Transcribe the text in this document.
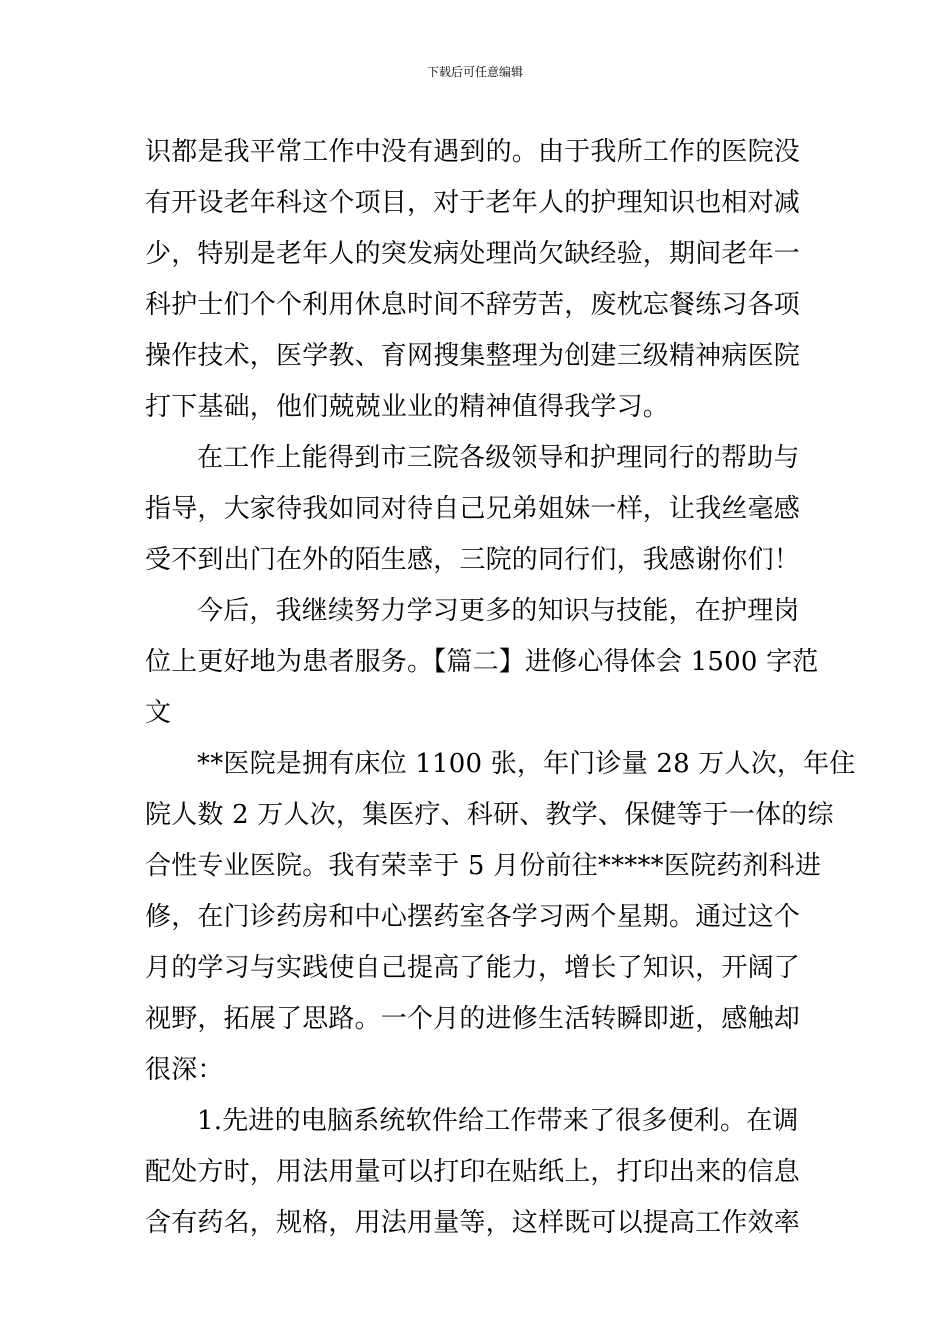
下载后可任意编辑
识都是我平常工作中没有遇到的。由于我所工作的医院没
有开设老年科这个项目，对于老年人的护理知识也相对减
少，特别是老年人的突发病处理尚欠缺经验，期间老年一
科护士们个个利用休息时间不辞劳苦，废枕忘餐练习各项
操作技术，医学教、育网搜集整理为创建三级精神病医院
打下基础，他们兢兢业业的精神值得我学习。
在工作上能得到市三院各级领导和护理同行的帮助与
指导，大家待我如同对待自己兄弟姐妹一样，让我丝毫感
受不到出门在外的陌生感，三院的同行们，我感谢你们！
今后，我继续努力学习更多的知识与技能，在护理岗
位上更好地为患者服务。【篇二】进修心得体会 1500 字范
文
**医院是拥有床位 1100 张，年门诊量 28 万人次，年住
院人数 2 万人次，集医疗、科研、教学、保健等于一体的综
合性专业医院。我有荣幸于 5 月份前往*****医院药剂科进
修，在门诊药房和中心摆药室各学习两个星期。通过这个
月的学习与实践使自己提高了能力，增长了知识，开阔了
视野，拓展了思路。一个月的进修生活转瞬即逝，感触却
很深：
1.先进的电脑系统软件给工作带来了很多便利。在调
配处方时，用法用量可以打印在贴纸上，打印出来的信息
含有药名，规格，用法用量等，这样既可以提高工作效率
